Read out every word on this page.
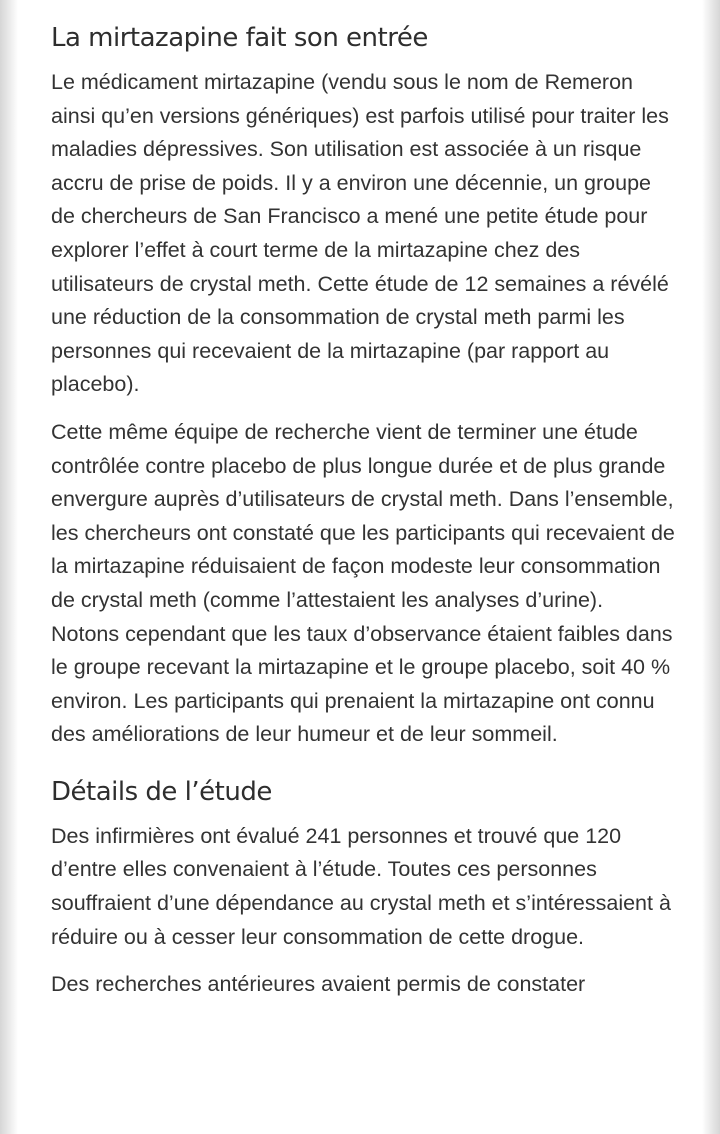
La mirtazapine fait son entrée

Le médicament mirtazapine (vendu sous le nom de Remeron ainsi qu’en versions génériques) est parfois utilisé pour traiter les maladies dépressives. Son utilisation est associée à un risque accru de prise de poids. Il y a environ une décennie, un groupe de chercheurs de San Francisco a mené une petite étude pour explorer l’effet à court terme de la mirtazapine chez des utilisateurs de crystal meth. Cette étude de 12 semaines a révélé une réduction de la consommation de crystal meth parmi les personnes qui recevaient de la mirtazapine (par rapport au placebo).

Cette même équipe de recherche vient de terminer une étude contrôlée contre placebo de plus longue durée et de plus grande envergure auprès d’utilisateurs de crystal meth. Dans l’ensemble, les chercheurs ont constaté que les participants qui recevaient de la mirtazapine réduisaient de façon modeste leur consommation de crystal meth (comme l’attestaient les analyses d’urine). Notons cependant que les taux d’observance étaient faibles dans le groupe recevant la mirtazapine et le groupe placebo, soit 40 % environ. Les participants qui prenaient la mirtazapine ont connu des améliorations de leur humeur et de leur sommeil.

Détails de l’étude

Des infirmières ont évalué 241 personnes et trouvé que 120 d’entre elles convenaient à l’étude. Toutes ces personnes souffraient d’une dépendance au crystal meth et s’intéressaient à réduire ou à cesser leur consommation de cette drogue.

Des recherches antérieures avaient permis de constater
